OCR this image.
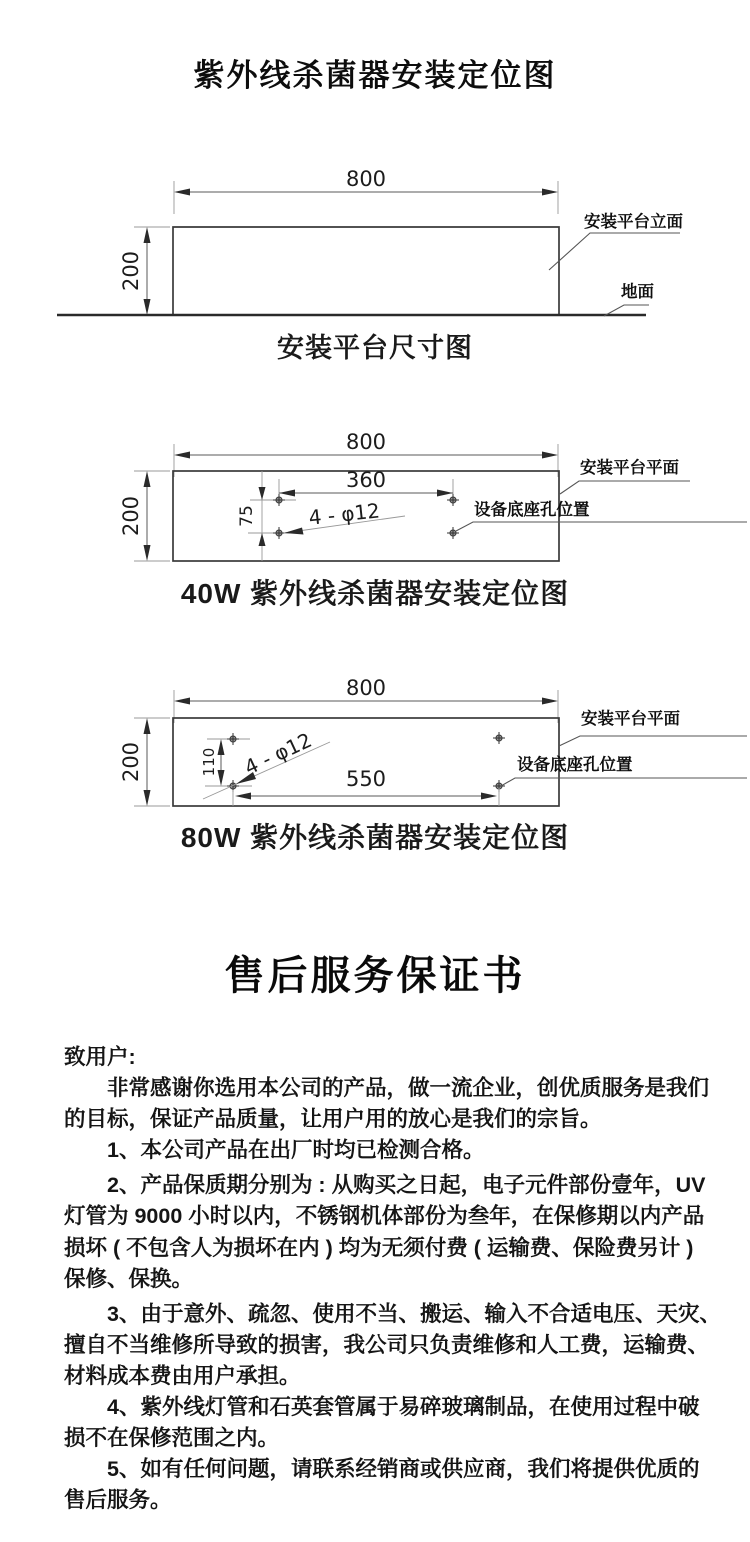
紫外线杀菌器安装定位图
800
200
安装平台立面
地面
800
200
360
75	4 - φ12
安装平台平面
设备底座孔位置
800
200	110 4 - φ12 550
安装平台平面
设备底座孔位置
安装平台尺寸图
40W 紫外线杀菌器安装定位图
80W 紫外线杀菌器安装定位图
售后服务保证书
致用户:
　　非常感谢你选用本公司的产品，做一流企业，创优质服务是我们
的目标，保证产品质量，让用户用的放心是我们的宗旨。
　　1、本公司产品在出厂时均已检测合格。
　　2、产品保质期分别为 : 从购买之日起，电子元件部份壹年，UV
灯管为 9000 小时以内，不锈钢机体部份为叁年，在保修期以内产品
损坏 ( 不包含人为损坏在内 ) 均为无须付费 ( 运输费、保险费另计 )
保修、保换。
　　3、由于意外、疏忽、使用不当、搬运、输入不合适电压、天灾、
擅自不当维修所导致的损害，我公司只负责维修和人工费，运输费、
材料成本费由用户承担。
　　4、紫外线灯管和石英套管属于易碎玻璃制品，在使用过程中破
损不在保修范围之内。
　　5、如有任何问题，请联系经销商或供应商，我们将提供优质的
售后服务。
